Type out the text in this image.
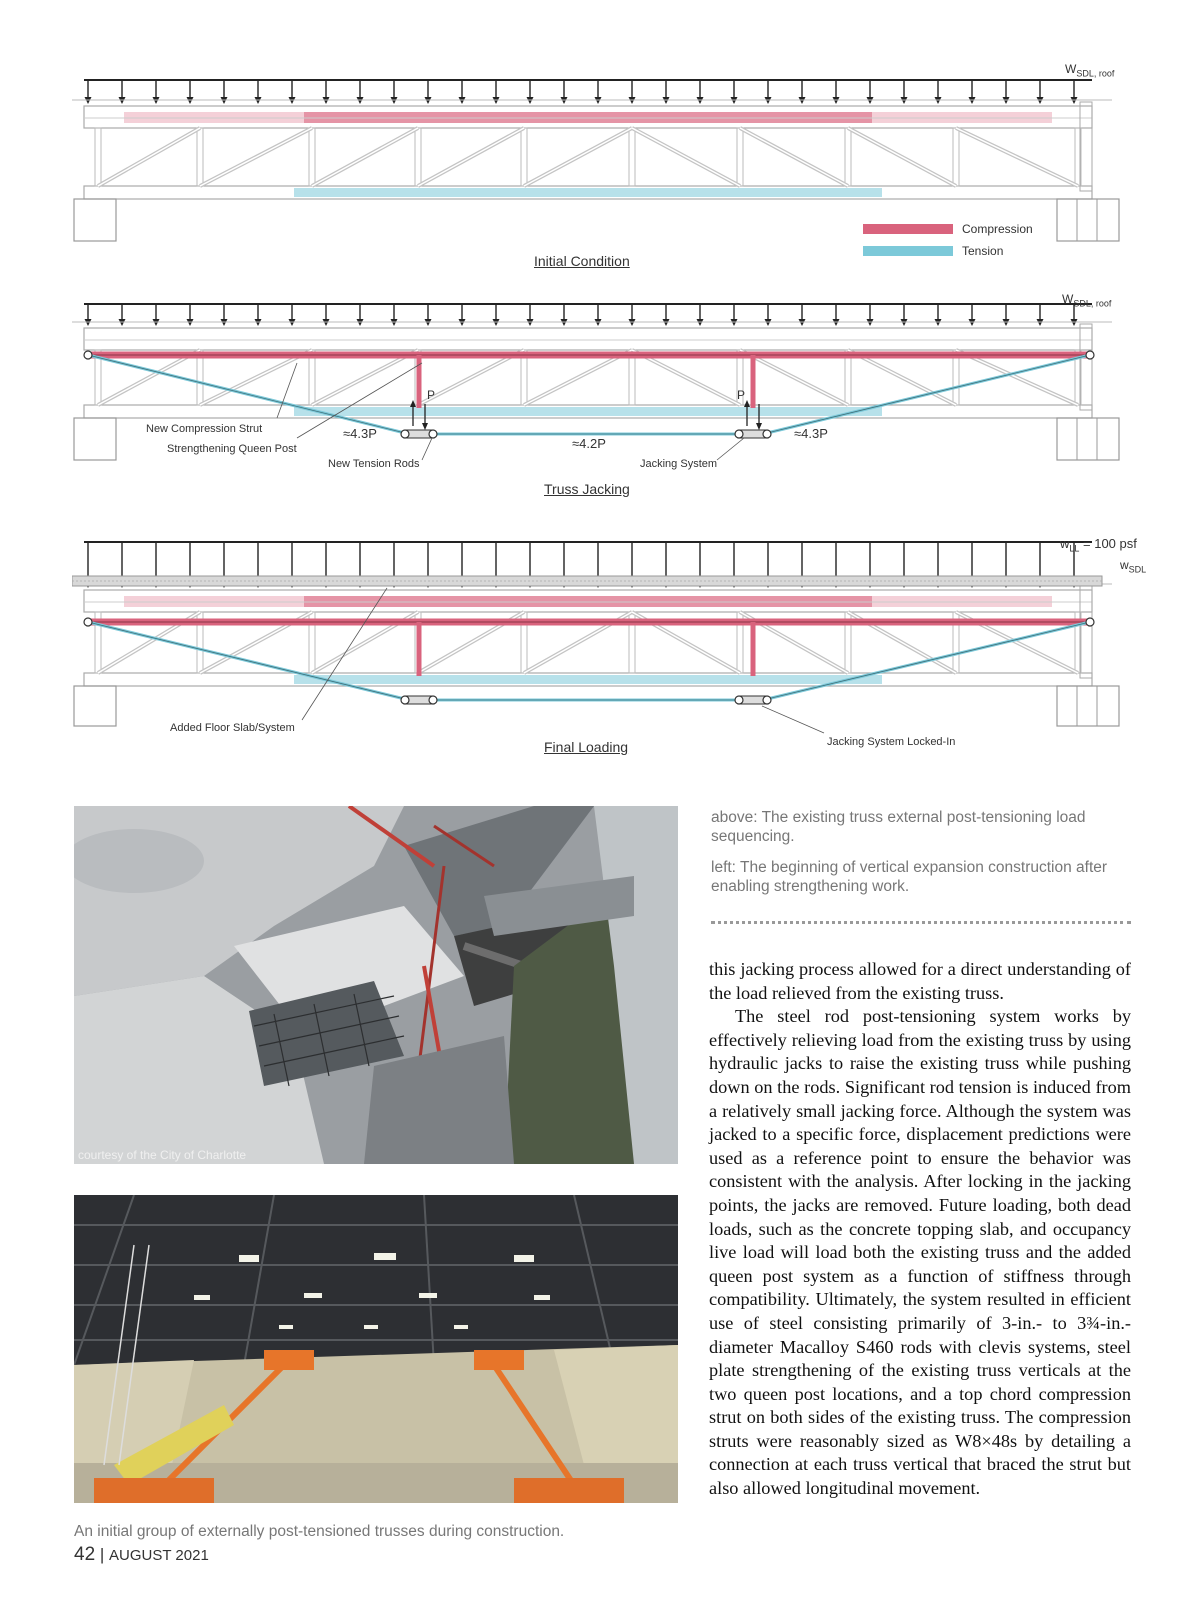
$W_{SDL, roof}$
Compression
Tension
Initial Condition
$W_{SDL, roof}$
New Compression Strut
Strengthening Queen Post
New Tension Rods	Jacking System
≈4.3P
≈4.2P
≈4.3P
P	P
Truss Jacking
$w_{LL} = 100$ psf
$w_{SDL}$
Added Floor Slab/System
Jacking System Locked-In
Final Loading
courtesy of the City of Charlotte
above: The existing truss external post-tensioning load sequencing.
left: The beginning of vertical expansion construction after enabling strengthening work.
An initial group of externally post-tensioned trusses during construction.

this jacking process allowed for a direct understanding of the load relieved from the existing truss.

The steel rod post-tensioning system works by effectively relieving load from the existing truss by using hydraulic jacks to raise the existing truss while pushing down on the rods. Significant rod tension is induced from a relatively small jacking force. Although the system was jacked to a specific force, displacement predictions were used as a reference point to ensure the behavior was consistent with the analysis. After locking in the jacking points, the jacks are removed. Future loading, both dead loads, such as the concrete topping slab, and occupancy live load will load both the existing truss and the added queen post system as a function of stiffness through compatibility. Ultimately, the system resulted in efficient use of steel consisting primarily of 3-in.- to 3¾-in.-diameter Macalloy S460 rods with clevis systems, steel plate strengthening of the existing truss verticals at the two queen post locations, and a top chord compression strut on both sides of the existing truss. The compression struts were reasonably sized as W8×48s by detailing a connection at each truss vertical that braced the strut but also allowed longitudinal movement.

42 | AUGUST 2021
